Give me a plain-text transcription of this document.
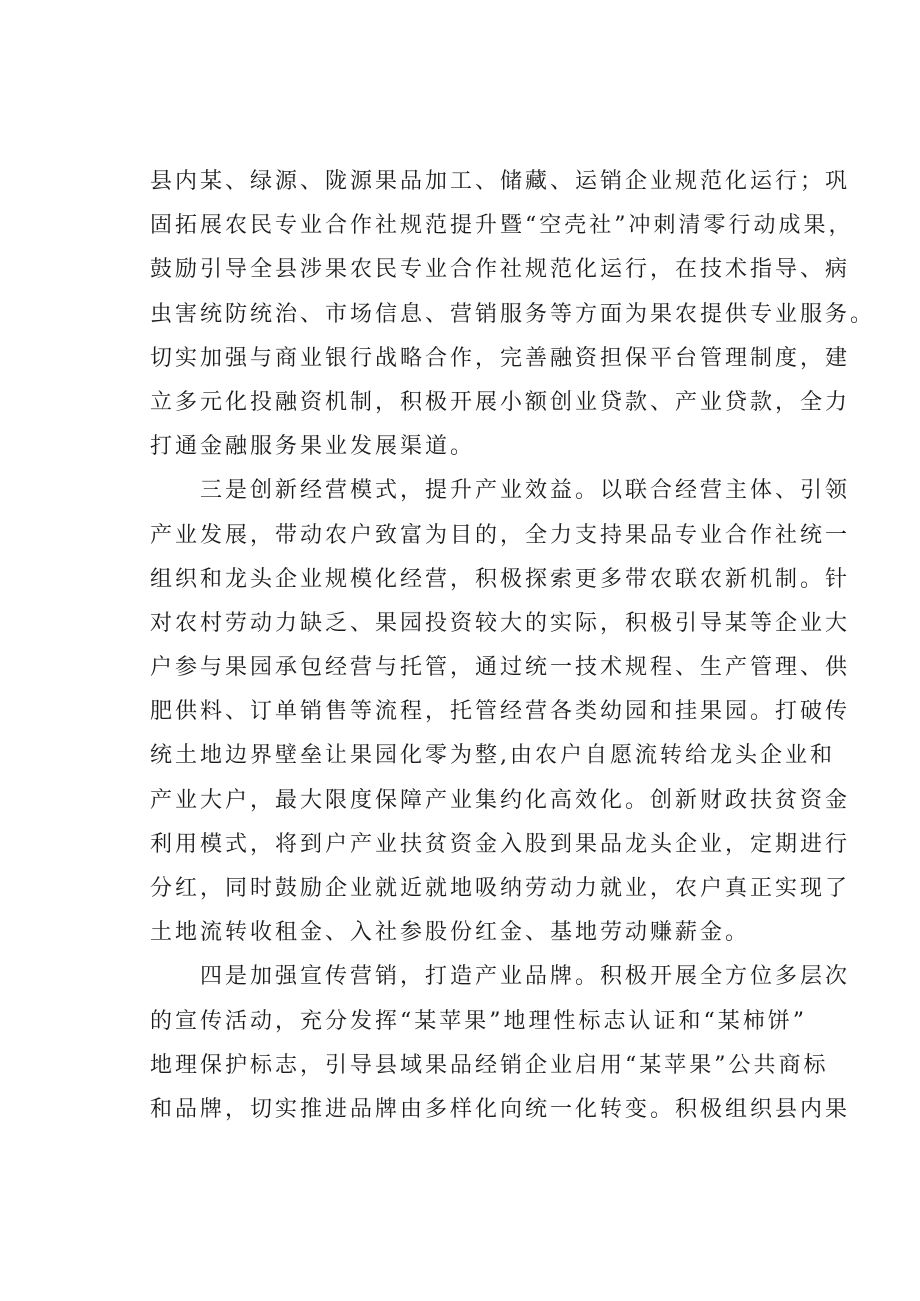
县内某、绿源、陇源果品加工、储藏、运销企业规范化运行；巩
固拓展农民专业合作社规范提升暨“空壳社”冲刺清零行动成果，
鼓励引导全县涉果农民专业合作社规范化运行，在技术指导、病
虫害统防统治、市场信息、营销服务等方面为果农提供专业服务。
切实加强与商业银行战略合作，完善融资担保平台管理制度，建
立多元化投融资机制，积极开展小额创业贷款、产业贷款，全力
打通金融服务果业发展渠道。
三是创新经营模式，提升产业效益。以联合经营主体、引领
产业发展，带动农户致富为目的，全力支持果品专业合作社统一
组织和龙头企业规模化经营，积极探索更多带农联农新机制。针
对农村劳动力缺乏、果园投资较大的实际，积极引导某等企业大
户参与果园承包经营与托管，通过统一技术规程、生产管理、供
肥供料、订单销售等流程，托管经营各类幼园和挂果园。打破传
统土地边界壁垒让果园化零为整,由农户自愿流转给龙头企业和
产业大户，最大限度保障产业集约化高效化。创新财政扶贫资金
利用模式，将到户产业扶贫资金入股到果品龙头企业，定期进行
分红，同时鼓励企业就近就地吸纳劳动力就业，农户真正实现了
土地流转收租金、入社参股份红金、基地劳动赚薪金。
四是加强宣传营销，打造产业品牌。积极开展全方位多层次
的宣传活动，充分发挥“某苹果”地理性标志认证和“某柿饼”
地理保护标志，引导县域果品经销企业启用“某苹果”公共商标
和品牌，切实推进品牌由多样化向统一化转变。积极组织县内果
